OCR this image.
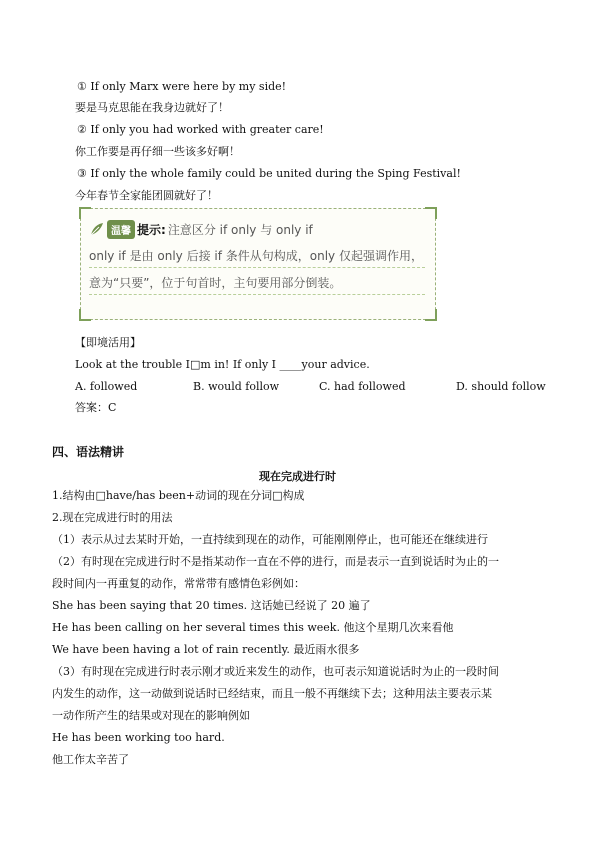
① If only Marx were here by my side!
要是马克思能在我身边就好了！
② If only you had worked with greater care!
你工作要是再仔细一些该多好啊！
③ If only the whole family could be united during the Sping Festival!
今年春节全家能团圆就好了！
温馨 提示: 注意区分 if only 与 only if
only if 是由 only 后接 if 条件从句构成，only 仅起强调作用，意为“只要”，位于句首时，主句要用部分倒装。
【即境活用】
Look at the trouble I□m in! If only I ____your advice.
A. followed	B. would follow	C. had followed	D. should follow
答案：C
四、语法精讲
现在完成进行时
1.结构由□have/has been+动词的现在分词□构成
2.现在完成进行时的用法
（1）表示从过去某时开始，一直持续到现在的动作，可能刚刚停止，也可能还在继续进行
（2）有时现在完成进行时不是指某动作一直在不停的进行，而是表示一直到说话时为止的一
段时间内一再重复的动作，常常带有感情色彩例如：
She has been saying that 20 times. 这话她已经说了 20 遍了
He has been calling on her several times this week. 他这个星期几次来看他
We have been having a lot of rain recently. 最近雨水很多
（3）有时现在完成进行时表示刚才或近来发生的动作，也可表示知道说话时为止的一段时间
内发生的动作，这一动做到说话时已经结束，而且一般不再继续下去；这种用法主要表示某
一动作所产生的结果或对现在的影响例如
He has been working too hard.
他工作太辛苦了
